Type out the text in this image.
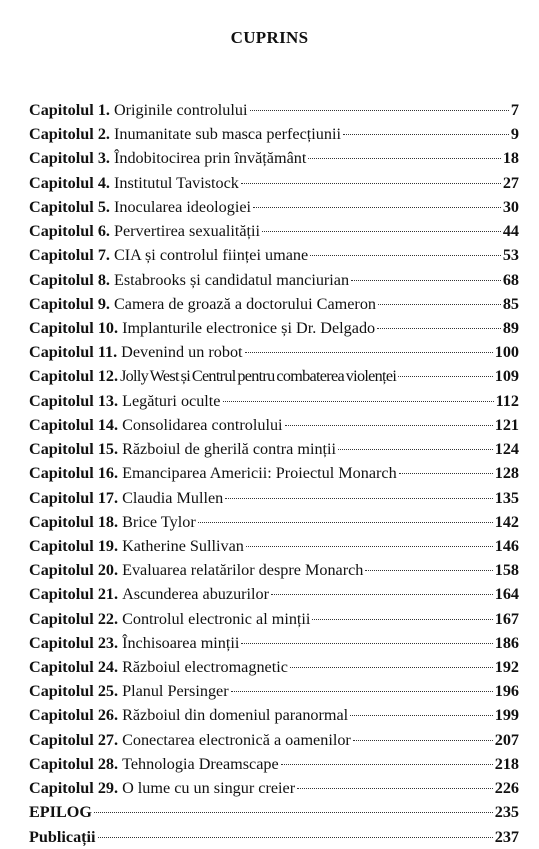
CUPRINS
Capitolul 1. Originile controlului	7
Capitolul 2. Inumanitate sub masca perfecțiunii	9
Capitolul 3. Îndobitocirea prin învățământ	18
Capitolul 4. Institutul Tavistock	27
Capitolul 5. Inocularea ideologiei	30
Capitolul 6. Pervertirea sexualității	44
Capitolul 7. CIA și controlul ființei umane	53
Capitolul 8. Estabrooks și candidatul manciurian	68
Capitolul 9. Camera de groază a doctorului Cameron	85
Capitolul 10. Implanturile electronice și Dr. Delgado	89
Capitolul 11. Devenind un robot	100
Capitolul 12. Jolly West și Centrul pentru combaterea violenței	109
Capitolul 13. Legături oculte	112
Capitolul 14. Consolidarea controlului	121
Capitolul 15. Războiul de gherilă contra minții	124
Capitolul 16. Emanciparea Americii: Proiectul Monarch	128
Capitolul 17. Claudia Mullen	135
Capitolul 18. Brice Tylor	142
Capitolul 19. Katherine Sullivan	146
Capitolul 20. Evaluarea relatărilor despre Monarch	158
Capitolul 21. Ascunderea abuzurilor	164
Capitolul 22. Controlul electronic al minții	167
Capitolul 23. Închisoarea minții	186
Capitolul 24. Războiul electromagnetic	192
Capitolul 25. Planul Persinger	196
Capitolul 26. Războiul din domeniul paranormal	199
Capitolul 27. Conectarea electronică a oamenilor	207
Capitolul 28. Tehnologia Dreamscape	218
Capitolul 29. O lume cu un singur creier	226
EPILOG	235
Publicații	237
